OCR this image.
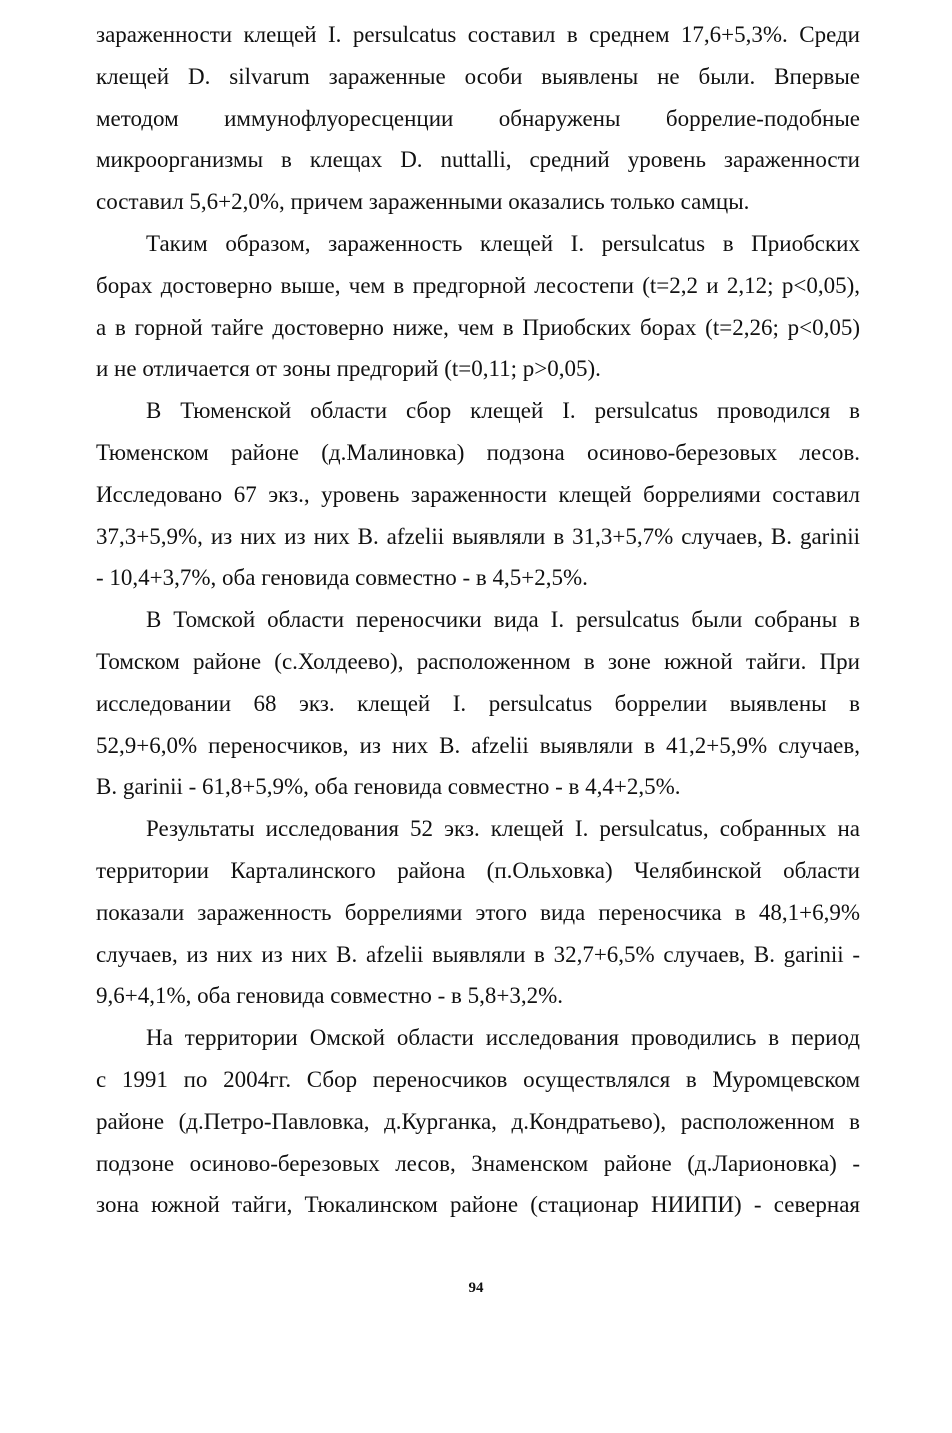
зараженности клещей I. persulcatus составил в среднем 17,6+5,3%. Среди
клещей D. silvarum зараженные особи выявлены не были. Впервые
методом иммунофлуоресценции обнаружены боррелие-подобные
микроорганизмы в клещах D. nuttalli, средний уровень зараженности
составил 5,6+2,0%, причем зараженными оказались только самцы.
Таким образом, зараженность клещей I. persulcatus в Приобских
борах достоверно выше, чем в предгорной лесостепи (t=2,2 и 2,12; p<0,05),
а в горной тайге достоверно ниже, чем в Приобских борах (t=2,26; p<0,05)
и не отличается от зоны предгорий (t=0,11; p>0,05).
В Тюменской области сбор клещей I. persulcatus проводился в
Тюменском районе (д.Малиновка) подзона осиново-березовых лесов.
Исследовано 67 экз., уровень зараженности клещей боррелиями составил
37,3+5,9%, из них из них B. afzelii выявляли в 31,3+5,7% случаев, B. garinii
- 10,4+3,7%, оба геновида совместно - в 4,5+2,5%.
В Томской области переносчики вида I. persulcatus были собраны в
Томском районе (с.Холдеево), расположенном в зоне южной тайги. При
исследовании 68 экз. клещей I. persulcatus боррелии выявлены в
52,9+6,0% переносчиков, из них B. afzelii выявляли в 41,2+5,9% случаев,
B. garinii - 61,8+5,9%, оба геновида совместно - в 4,4+2,5%.
Результаты исследования 52 экз. клещей I. persulcatus, собранных на
территории Карталинского района (п.Ольховка) Челябинской области
показали зараженность боррелиями этого вида переносчика в 48,1+6,9%
случаев, из них из них B. afzelii выявляли в 32,7+6,5% случаев, B. garinii -
9,6+4,1%, оба геновида совместно - в 5,8+3,2%.
На территории Омской области исследования проводились в период
с 1991 по 2004гг. Сбор переносчиков осуществлялся в Муромцевском
районе (д.Петро-Павловка, д.Курганка, д.Кондратьево), расположенном в
подзоне осиново-березовых лесов, Знаменском районе (д.Ларионовка) -
зона южной тайги, Тюкалинском районе (стационар НИИПИ) - северная
94
